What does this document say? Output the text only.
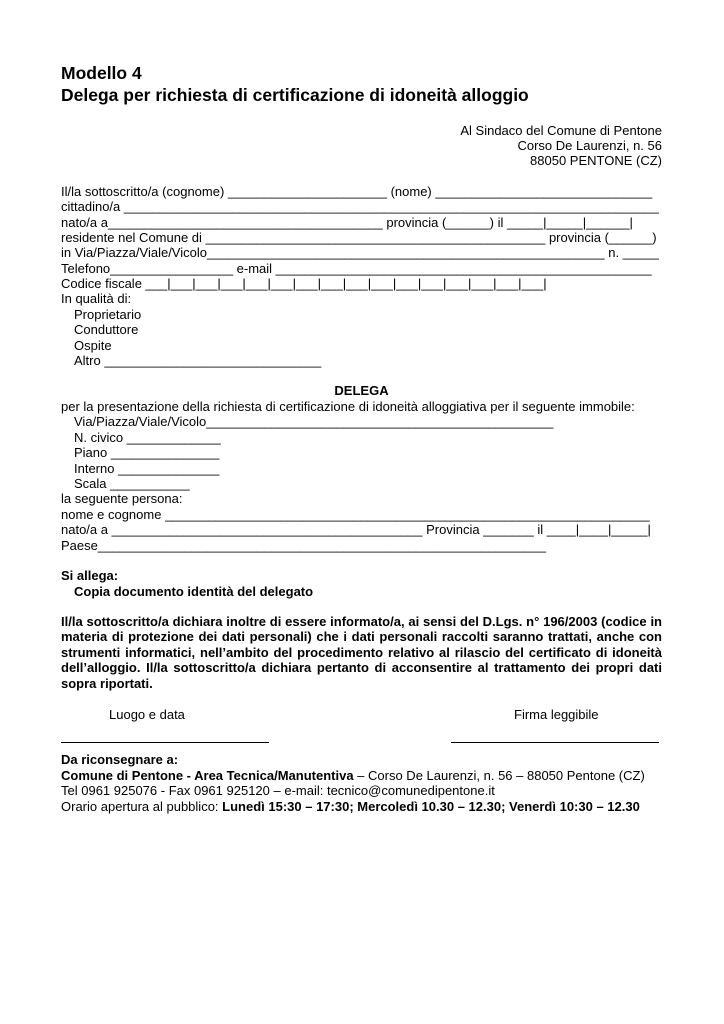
Modello 4
Delega per richiesta di certificazione di idoneità alloggio
Al Sindaco del Comune di Pentone
Corso De Laurenzi, n. 56
88050 PENTONE (CZ)
Il/la sottoscritto/a (cognome) ______________________ (nome) ______________________________
cittadino/a __________________________________________________________________________
nato/a a______________________________________ provincia (______) il _____|_____|______|
residente nel Comune di _______________________________________________ provincia (______)
in Via/Piazza/Viale/Vicolo_______________________________________________________ n. _____
Telefono_________________ e-mail ____________________________________________________
Codice fiscale ___|___|___|___|___|___|___|___|___|___|___|___|___|___|___|___|
In qualità di:
Proprietario
Conduttore
Ospite
Altro ______________________________
DELEGA
per la presentazione della richiesta di certificazione di idoneità alloggiativa per il seguente immobile:
Via/Piazza/Viale/Vicolo________________________________________________
N. civico _____________
Piano _______________
Interno ______________
Scala ___________
la seguente persona:
nome e cognome ___________________________________________________________________
nato/a a ___________________________________________ Provincia _______ il ____|____|_____|
Paese______________________________________________________________
Si allega:
Copia documento identità del delegato
Il/la sottoscritto/a dichiara inoltre di essere informato/a, ai sensi del D.Lgs. n° 196/2003 (codice in materia di protezione dei dati personali) che i dati personali raccolti saranno trattati, anche con strumenti informatici, nell’ambito del procedimento relativo al rilascio del certificato di idoneità dell’alloggio. Il/la sottoscritto/a dichiara pertanto di acconsentire al trattamento dei propri dati sopra riportati.
Luogo e data	Firma leggibile
Da riconsegnare a:
Comune di Pentone - Area Tecnica/Manutentiva – Corso De Laurenzi, n. 56 – 88050 Pentone (CZ)
Tel 0961 925076 - Fax 0961 925120 – e-mail: tecnico@comunedipentone.it
Orario apertura al pubblico: Lunedì 15:30 – 17:30; Mercoledì 10.30 – 12.30; Venerdì 10:30 – 12.30
